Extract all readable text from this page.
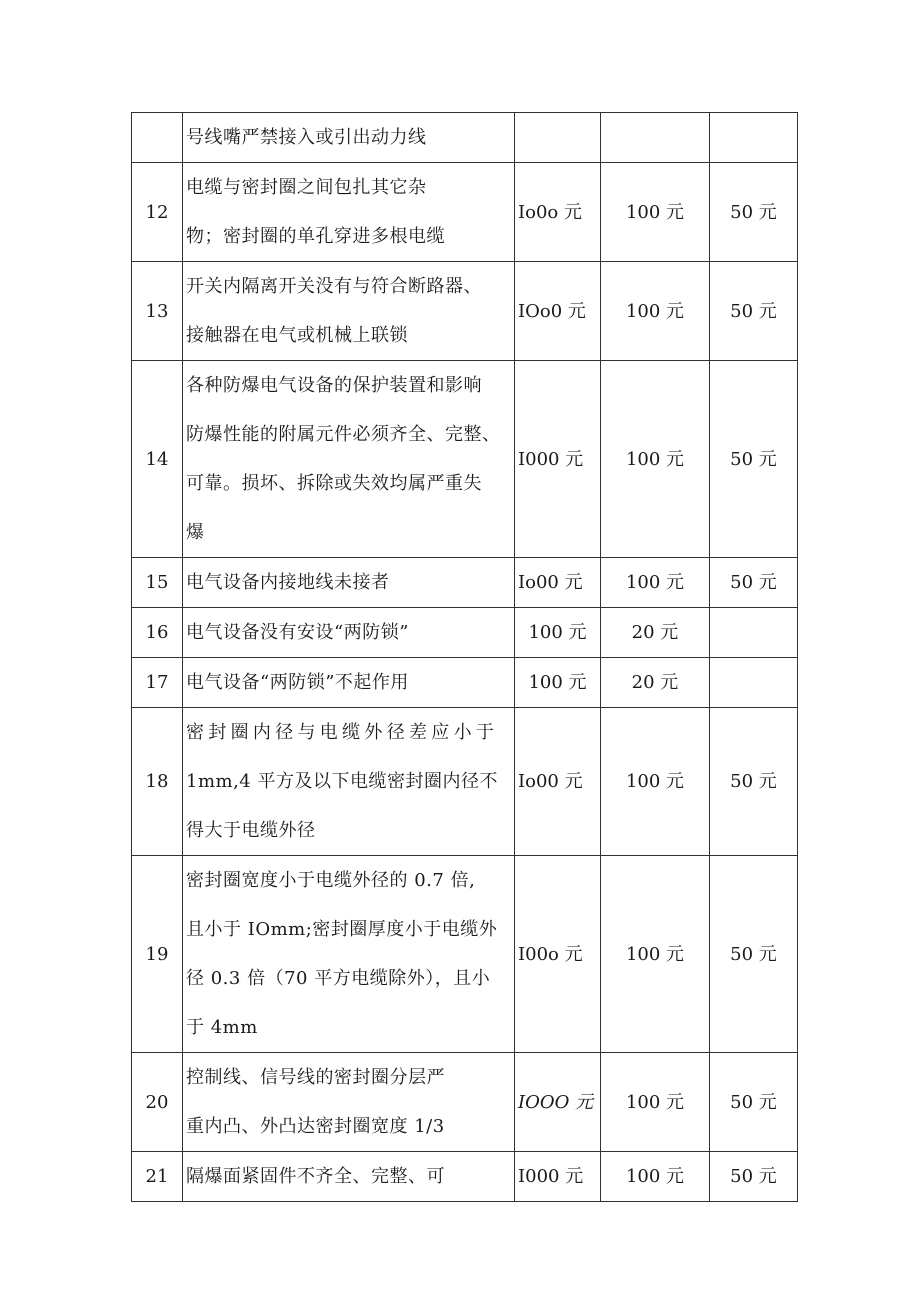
	号线嘴严禁接入或引出动力线			

12	电缆与密封圈之间包扎其它杂
物；密封圈的单孔穿进多根电缆	Io0o 元	100 元	50 元
13	开关内隔离开关没有与符合断路器、
接触器在电气或机械上联锁	IOo0 元	100 元	50 元
14	各种防爆电气设备的保护装置和影响
防爆性能的附属元件必须齐全、完整、
可靠。损坏、拆除或失效均属严重失
爆	I000 元	100 元	50 元
15	电气设备内接地线未接者	Io00 元	100 元	50 元
16	电气设备没有安设“两防锁”	100 元	20 元	
17	电气设备“两防锁”不起作用	100 元	20 元	
18	密封圈内径与电缆外径差应小于
1mm,4 平方及以下电缆密封圈内径不
得大于电缆外径	Io00 元	100 元	50 元
19	密封圈宽度小于电缆外径的 0.7 倍,
且小于 IOmm;密封圈厚度小于电缆外
径 0.3 倍（70 平方电缆除外），且小
于 4mm	I00o 元	100 元	50 元
20	控制线、信号线的密封圈分层严
重内凸、外凸达密封圈宽度 1/3	IOOO 元	100 元	50 元
21	隔爆面紧固件不齐全、完整、可	I000 元	100 元	50 元
